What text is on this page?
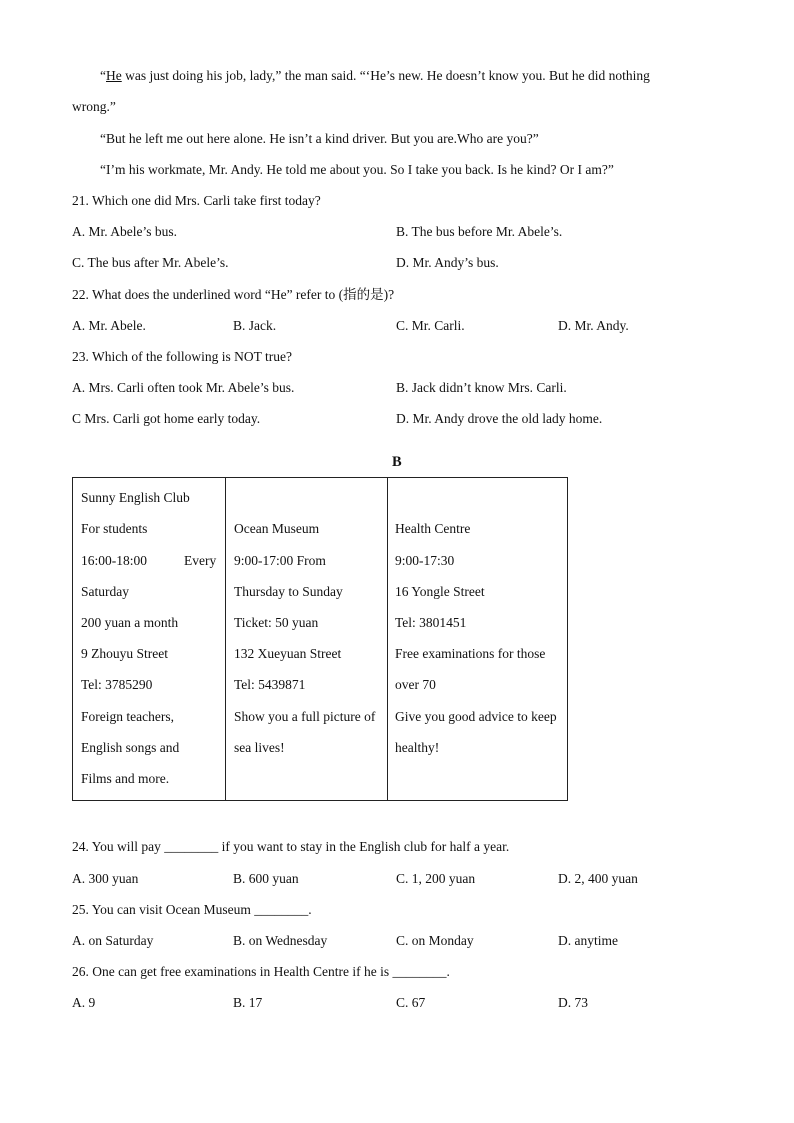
“He was just doing his job, lady,” the man said. “‘He’s new. He doesn’t know you. But he did nothing
wrong.”
“But he left me out here alone. He isn’t a kind driver. But you are.Who are you?”
“I’m his workmate, Mr. Andy. He told me about you. So I take you back. Is he kind? Or I am?”
21. Which one did Mrs. Carli take first today?
A. Mr. Abele’s bus.	B. The bus before Mr. Abele’s.
C. The bus after Mr. Abele’s.	D. Mr. Andy’s bus.
22. What does the underlined word “He” refer to (指的是)?
A. Mr. Abele.	B. Jack.	C. Mr. Carli.	D. Mr. Andy.
23. Which of the following is NOT true?
A. Mrs. Carli often took Mr. Abele’s bus.	B. Jack didn’t know Mrs. Carli.
C Mrs. Carli got home early today.	D. Mr. Andy drove the old lady home.
B
Sunny English Club
For students
16:00-18:00	Every
Saturday
200 yuan a month
9 Zhouyu Street
Tel: 3785290
Foreign teachers,
English songs and
Films and more.

Ocean Museum
9:00-17:00 From
Thursday to Sunday
Ticket: 50 yuan
132 Xueyuan Street
Tel: 5439871
Show you a full picture of
sea lives!

Health Centre
9:00-17:30
16 Yongle Street
Tel: 3801451
Free examinations for those
over 70
Give you good advice to keep
healthy!
24. You will pay ________ if you want to stay in the English club for half a year.
A. 300 yuan	B. 600 yuan	C. 1, 200 yuan	D. 2, 400 yuan
25. You can visit Ocean Museum ________.
A. on Saturday	B. on Wednesday	C. on Monday	D. anytime
26. One can get free examinations in Health Centre if he is ________.
A. 9	B. 17	C. 67	D. 73
